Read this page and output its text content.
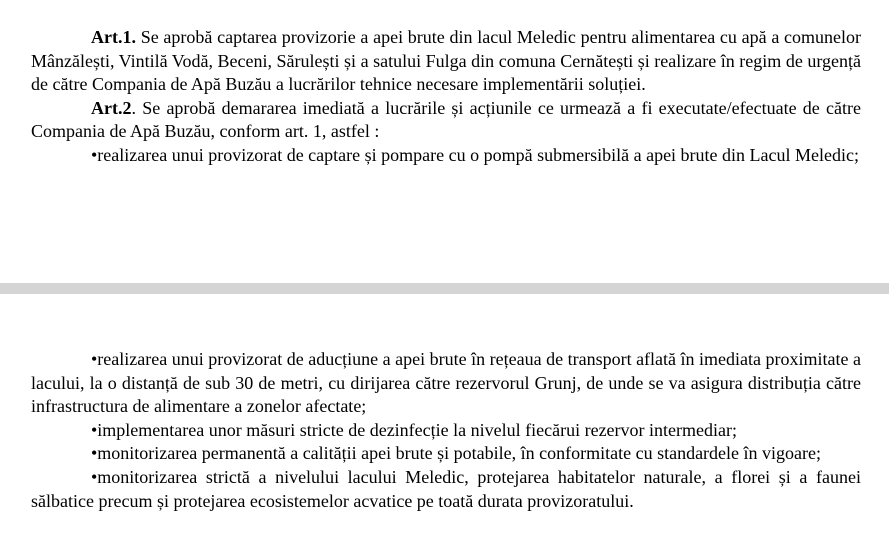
Art.1. Se aprobă captarea provizorie a apei brute din lacul Meledic pentru alimentarea cu apă a comunelor Mânzălești, Vintilă Vodă, Beceni, Sărulești și a satului Fulga din comuna Cernătești și realizare în regim de urgență de către Compania de Apă Buzău a lucrărilor tehnice necesare implementării soluției.

Art.2. Se aprobă demararea imediată a lucrările și acțiunile ce urmează a fi executate/efectuate de către Compania de Apă Buzău, conform art. 1, astfel :

•realizarea unui provizorat de captare și pompare cu o pompă submersibilă a apei brute din Lacul Meledic;

•realizarea unui provizorat de aducțiune a apei brute în rețeaua de transport aflată în imediata proximitate a lacului, la o distanță de sub 30 de metri, cu dirijarea către rezervorul Grunj, de unde se va asigura distribuția către infrastructura de alimentare a zonelor afectate;

•implementarea unor măsuri stricte de dezinfecție la nivelul fiecărui rezervor intermediar;

•monitorizarea permanentă a calității apei brute și potabile, în conformitate cu standardele în vigoare;

•monitorizarea strictă a nivelului lacului Meledic, protejarea habitatelor naturale, a florei și a faunei sălbatice precum și protejarea ecosistemelor acvatice pe toată durata provizoratului.
